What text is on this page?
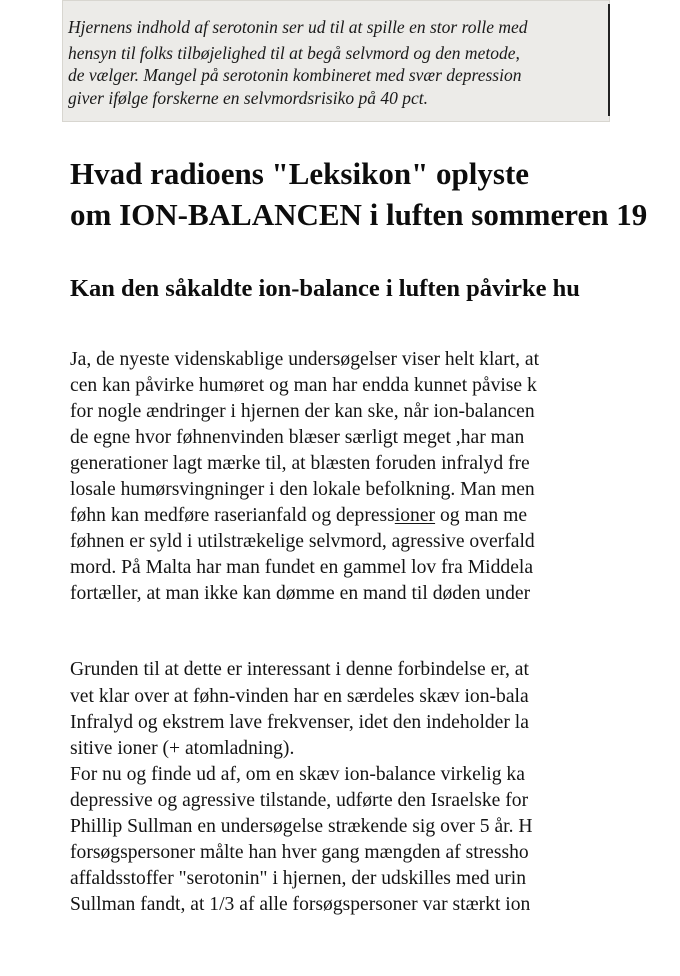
Hjernens indhold af serotonin ser ud til at spille en stor rolle med
hensyn til folks tilbøjelighed til at begå selvmord og den metode,
de vælger. Mangel på serotonin kombineret med svær depression
giver ifølge forskerne en selvmordsrisiko på 40 pct.
Hvad radioens "Leksikon" oplyste
om ION-BALANCEN i luften sommeren 19
Kan den såkaldte ion-balance i luften påvirke hu
Ja, de nyeste videnskablige undersøgelser viser helt klart, at
cen kan påvirke humøret og man har endda kunnet påvise k
for nogle ændringer i hjernen der kan ske, når ion-balancen
de egne hvor føhnenvinden blæser særligt meget ,har man
generationer lagt mærke til, at blæsten foruden infralyd fre
losale humørsvingninger i den lokale befolkning. Man men
føhn kan medføre raserianfald og depressioner og man me
føhnen er syld i utilstrækelige selvmord, agressive overfald
mord. På Malta har man fundet en gammel lov fra Middela
fortæller, at man ikke kan dømme en mand til døden under
Grunden til at dette er interessant i denne forbindelse er, at
vet klar over at føhn-vinden har en særdeles skæv ion-bala
Infralyd og ekstrem lave frekvenser, idet den indeholder la
sitive ioner (+ atomladning).
For nu og finde ud af, om en skæv ion-balance virkelig ka
depressive og agressive tilstande, udførte den Israelske for
Phillip Sullman en undersøgelse strækende sig over 5 år. H
forsøgspersoner målte han hver gang mængden af stressho
affaldsstoffer "serotonin" i hjernen, der udskilles med urin
Sullman fandt, at 1/3 af alle forsøgspersoner var stærkt ion
